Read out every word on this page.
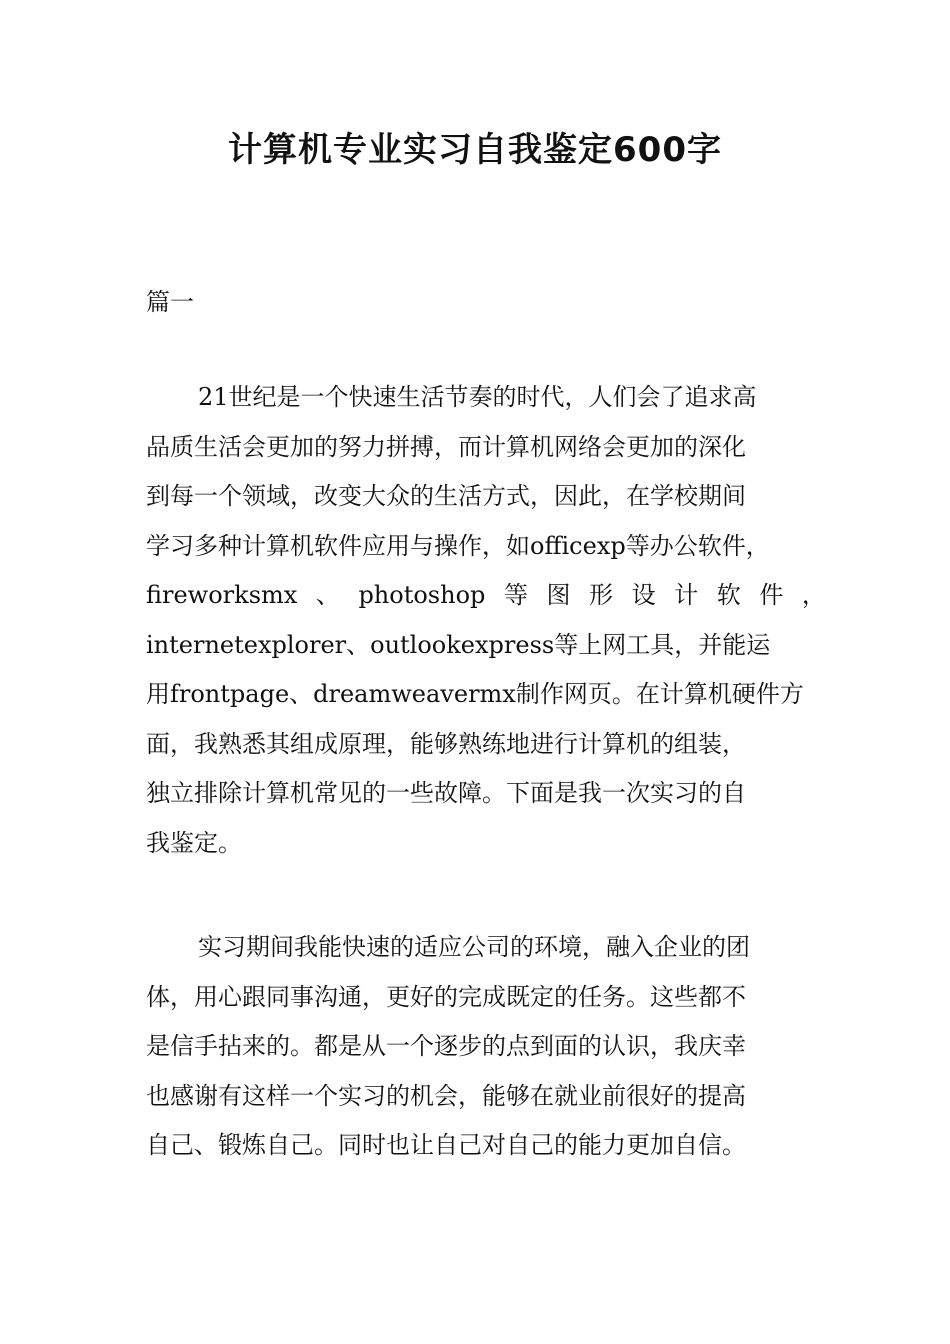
计算机专业实习自我鉴定600字

篇一

21世纪是一个快速生活节奏的时代，人们会了追求高
品质生活会更加的努力拼搏，而计算机网络会更加的深化
到每一个领域，改变大众的生活方式，因此，在学校期间
学习多种计算机软件应用与操作，如officexp等办公软件，
fireworksmx 、 photoshop 等 图 形 设 计 软 件 ，
internetexplorer、outlookexpress等上网工具，并能运
用frontpage、dreamweavermx制作网页。在计算机硬件方
面，我熟悉其组成原理，能够熟练地进行计算机的组装，
独立排除计算机常见的一些故障。下面是我一次实习的自
我鉴定。
实习期间我能快速的适应公司的环境，融入企业的团
体，用心跟同事沟通，更好的完成既定的任务。这些都不
是信手拈来的。都是从一个逐步的点到面的认识，我庆幸
也感谢有这样一个实习的机会，能够在就业前很好的提高
自己、锻炼自己。同时也让自己对自己的能力更加自信。
